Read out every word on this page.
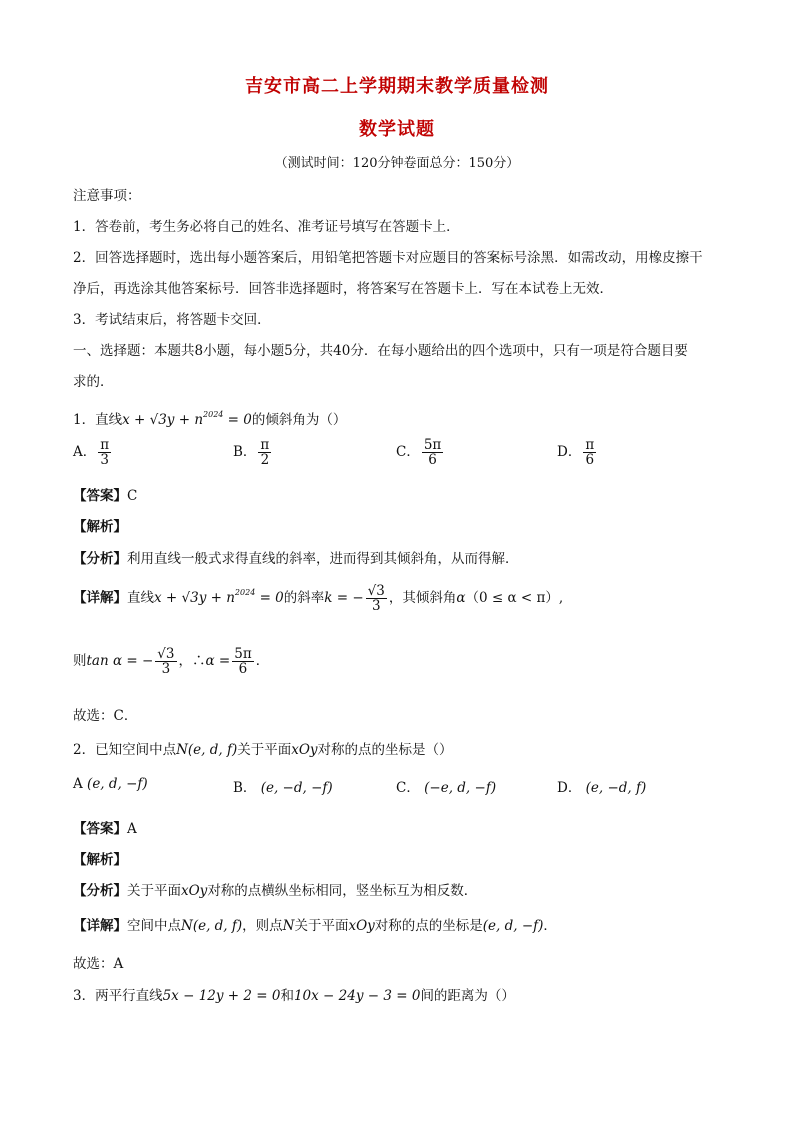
吉安市高二上学期期末教学质量检测
数学试题
（测试时间：120分钟卷面总分：150分）
注意事项：
1．答卷前，考生务必将自己的姓名、准考证号填写在答题卡上．
2．回答选择题时，选出每小题答案后，用铅笔把答题卡对应题目的答案标号涂黑．如需改动，用橡皮擦干
净后，再选涂其他答案标号．回答非选择题时，将答案写在答题卡上．写在本试卷上无效．
3．考试结束后，将答题卡交回．
一、选择题：本题共8小题，每小题5分，共40分．在每小题给出的四个选项中，只有一项是符合题目要
求的．
1．直线$x + √3y + n^{2024} = 0$的倾斜角为（）
A． $\frac{\pi}{3}$	B． $\frac{\pi}{2}$	C． $\frac{5\pi}{6}$	D． $\frac{\pi}{6}$
【答案】C
【解析】
【分析】利用直线一般式求得直线的斜率，进而得到其倾斜角，从而得解．
【详解】直线$x + √3y + n^{2024} = 0$的斜率k = − $\frac{√3}{3}$ ，其倾斜角α（0 ≤ α < π）,
则tan α = − $\frac{√3}{3}$ ，∴α = $\frac{5\pi}{6}$ ．
故选：C．
2．已知空间中点N(e, d, f)关于平面xOy对称的点的坐标是（）
A (e, d, −f)	B． (e, −d, −f)	C． (−e, d, −f)	D． (e, −d, f)
【答案】A
【解析】
【分析】关于平面xOy对称的点横纵坐标相同，竖坐标互为相反数．
【详解】空间中点N(e, d, f)，则点N关于平面xOy对称的点的坐标是(e, d, −f)．
故选：A
3．两平行直线5x − 12y + 2 = 0和10x − 24y − 3 = 0间的距离为（）
